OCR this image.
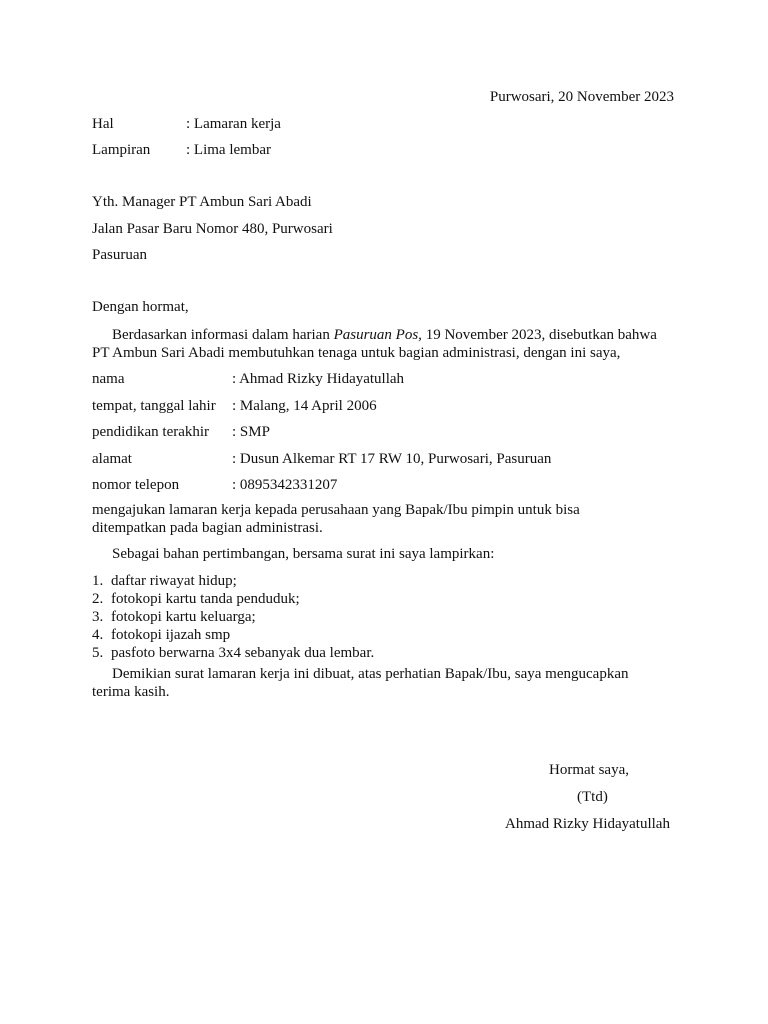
Purwosari, 20 November 2023
Hal	: Lamaran kerja
Lampiran : Lima lembar
Yth. Manager PT Ambun Sari Abadi
Jalan Pasar Baru Nomor 480, Purwosari
Pasuruan
Dengan hormat,

Berdasarkan informasi dalam harian Pasuruan Pos, 19 November 2023, disebutkan bahwa

PT Ambun Sari Abadi membutuhkan tenaga untuk bagian administrasi, dengan ini saya,

nama	: Ahmad Rizky Hidayatullah
tempat, tanggal lahir : Malang, 14 April 2006
pendidikan terakhir : SMP
alamat	: Dusun Alkemar RT 17 RW 10, Purwosari, Pasuruan
nomor telepon	: 0895342331207
mengajukan lamaran kerja kepada perusahaan yang Bapak/Ibu pimpin untuk bisa
ditempatkan pada bagian administrasi.
Sebagai bahan pertimbangan, bersama surat ini saya lampirkan:
1. daftar riwayat hidup;
2. fotokopi kartu tanda penduduk;
3. fotokopi kartu keluarga;
4. fotokopi ijazah smp
5. pasfoto berwarna 3x4 sebanyak dua lembar.
Demikian surat lamaran kerja ini dibuat, atas perhatian Bapak/Ibu, saya mengucapkan
terima kasih.
Hormat saya,
(Ttd)
Ahmad Rizky Hidayatullah
